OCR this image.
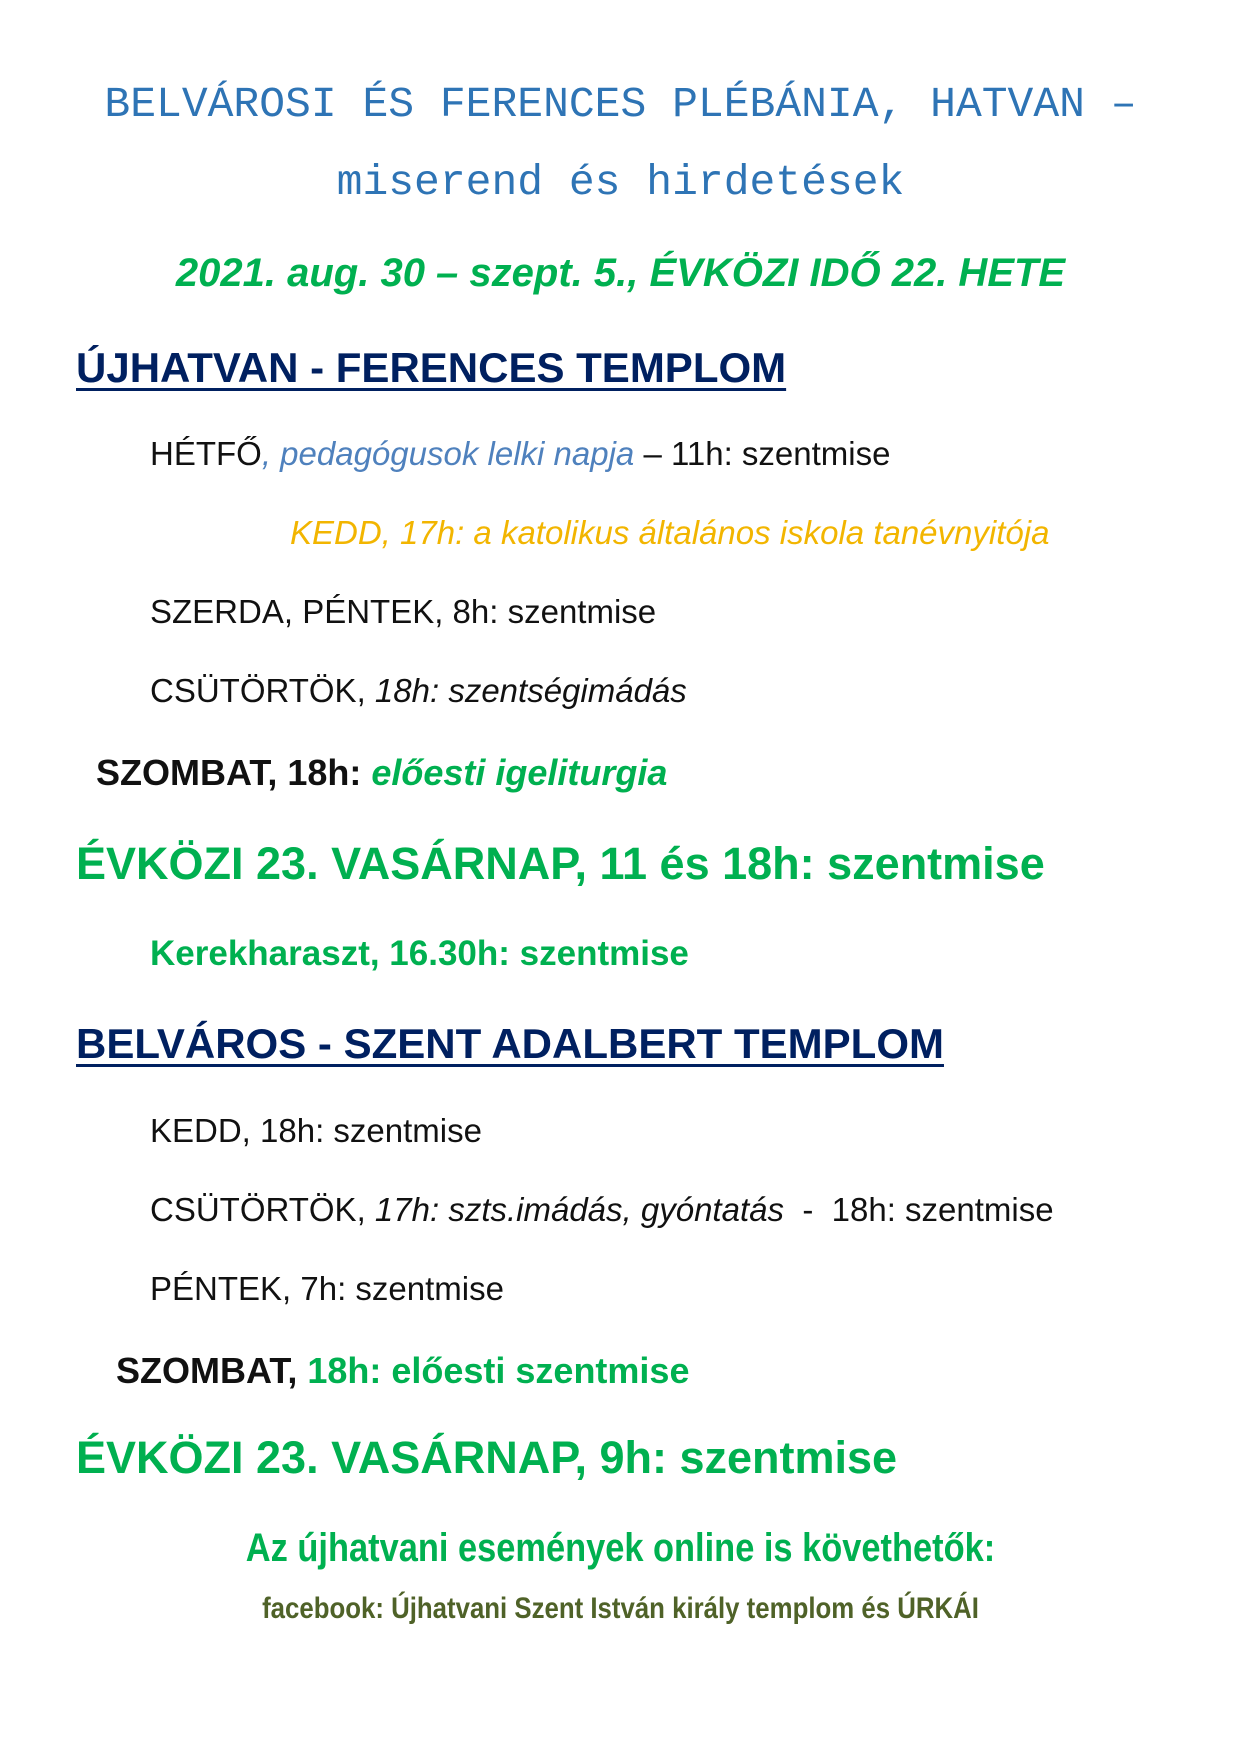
BELVÁROSI ÉS FERENCES PLÉBÁNIA, HATVAN –
miserend és hirdetések
2021. aug. 30 – szept. 5., ÉVKÖZI IDŐ 22. HETE
ÚJHATVAN - FERENCES TEMPLOM
HÉTFŐ, pedagógusok lelki napja – 11h: szentmise
KEDD, 17h: a katolikus általános iskola tanévnyitója
SZERDA, PÉNTEK, 8h: szentmise
CSÜTÖRTÖK, 18h: szentségimádás
SZOMBAT, 18h: előesti igeliturgia
ÉVKÖZI 23. VASÁRNAP, 11 és 18h: szentmise
Kerekharaszt, 16.30h: szentmise
BELVÁROS - SZENT ADALBERT TEMPLOM
KEDD, 18h: szentmise
CSÜTÖRTÖK, 17h: szts.imádás, gyóntatás  -  18h: szentmise
PÉNTEK, 7h: szentmise
SZOMBAT, 18h: előesti szentmise
ÉVKÖZI 23. VASÁRNAP, 9h: szentmise
Az újhatvani események online is követhetők:
facebook: Újhatvani Szent István király templom és ÚRKÁI
